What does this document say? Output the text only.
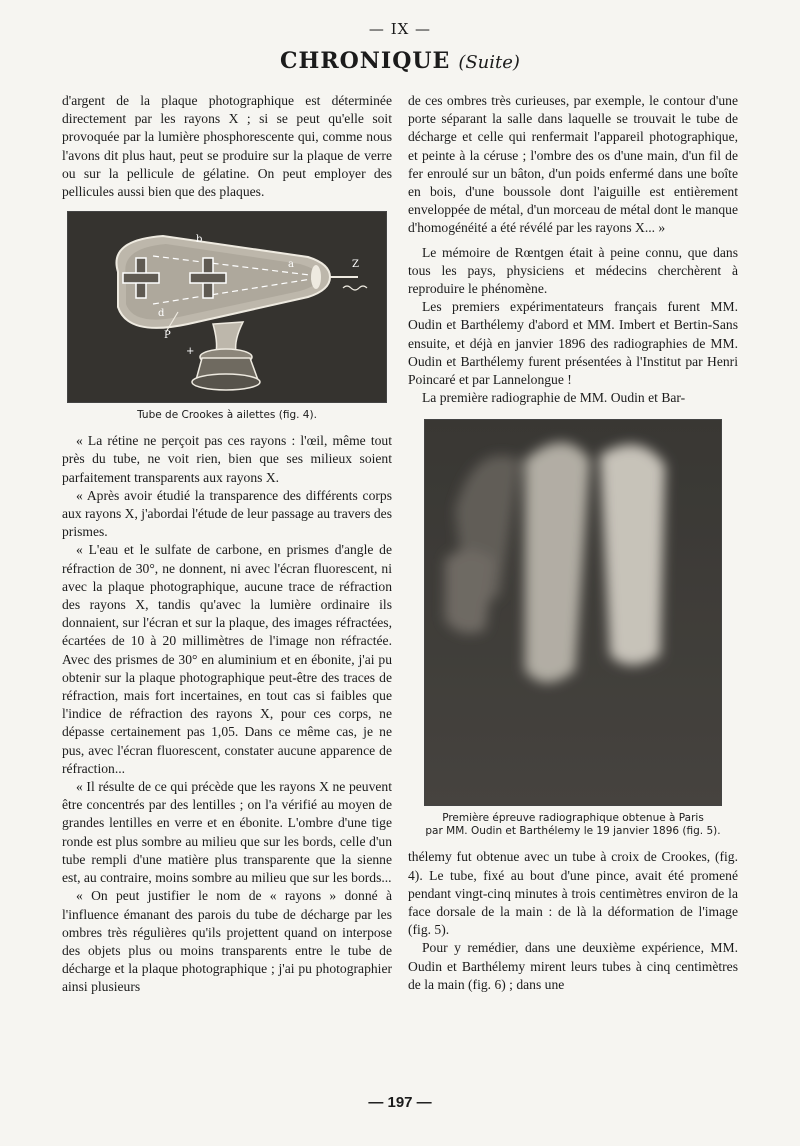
— IX —
CHRONIQUE (Suite)

d'argent de la plaque photographique est déterminée directement par les rayons X ; si se peut qu'elle soit provoquée par la lumière phosphorescente qui, comme nous l'avons dit plus haut, peut se produire sur la plaque de verre ou sur la pellicule de gélatine. On peut employer des pellicules aussi bien que des plaques.

b
a
d
P
Z
+
Tube de Crookes à ailettes (fig. 4).

« La rétine ne perçoit pas ces rayons : l'œil, même tout près du tube, ne voit rien, bien que ses milieux soient parfaitement transparents aux rayons X.

« Après avoir étudié la transparence des différents corps aux rayons X, j'abordai l'étude de leur passage au travers des prismes.

« L'eau et le sulfate de carbone, en prismes d'angle de réfraction de 30°, ne donnent, ni avec l'écran fluorescent, ni avec la plaque photographique, aucune trace de réfraction des rayons X, tandis qu'avec la lumière ordinaire ils donnaient, sur l'écran et sur la plaque, des images réfractées, écartées de 10 à 20 millimètres de l'image non réfractée. Avec des prismes de 30° en aluminium et en ébonite, j'ai pu obtenir sur la plaque photographique peut-être des traces de réfraction, mais fort incertaines, en tout cas si faibles que l'indice de réfraction des rayons X, pour ces corps, ne dépasse certainement pas 1,05. Dans ce même cas, je ne pus, avec l'écran fluorescent, constater aucune apparence de réfraction...

« Il résulte de ce qui précède que les rayons X ne peuvent être concentrés par des lentilles ; on l'a vérifié au moyen de grandes lentilles en verre et en ébonite. L'ombre d'une tige ronde est plus sombre au milieu que sur les bords, celle d'un tube rempli d'une matière plus transparente que la sienne est, au contraire, moins sombre au milieu que sur les bords...

« On peut justifier le nom de « rayons » donné à l'influence émanant des parois du tube de décharge par les ombres très régulières qu'ils projettent quand on interpose des objets plus ou moins transparents entre le tube de décharge et la plaque photographique ; j'ai pu photographier ainsi plusieurs

de ces ombres très curieuses, par exemple, le contour d'une porte séparant la salle dans laquelle se trouvait le tube de décharge et celle qui renfermait l'appareil photographique, et peinte à la céruse ; l'ombre des os d'une main, d'un fil de fer enroulé sur un bâton, d'un poids enfermé dans une boîte en bois, d'une boussole dont l'aiguille est entièrement enveloppée de métal, d'un morceau de métal dont le manque d'homogénéité a été révélé par les rayons X... »

Le mémoire de Rœntgen était à peine connu, que dans tous les pays, physiciens et médecins cherchèrent à reproduire le phénomène.

Les premiers expérimentateurs français furent MM. Oudin et Barthélemy d'abord et MM. Imbert et Bertin-Sans ensuite, et déjà en janvier 1896 des radiographies de MM. Oudin et Barthélemy furent présentées à l'Institut par Henri Poincaré et par Lannelongue !

La première radiographie de MM. Oudin et Bar-

Première épreuve radiographique obtenue à Paris
par MM. Oudin et Barthélemy le 19 janvier 1896 (fig. 5).

thélemy fut obtenue avec un tube à croix de Crookes, (fig. 4). Le tube, fixé au bout d'une pince, avait été promené pendant vingt-cinq minutes à trois centimètres environ de la face dorsale de la main : de là la déformation de l'image (fig. 5).

Pour y remédier, dans une deuxième expérience, MM. Oudin et Barthélemy mirent leurs tubes à cinq centimètres de la main (fig. 6) ; dans une

— 197 —
